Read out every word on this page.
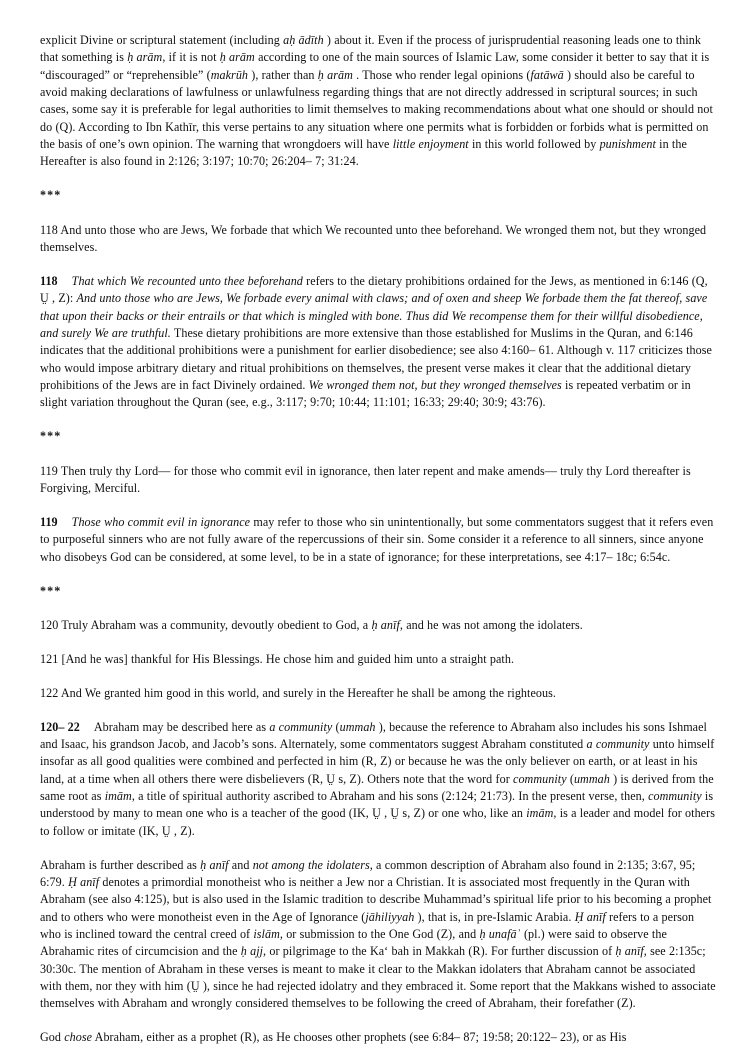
explicit Divine or scriptural statement (including aḥ ādīth ) about it. Even if the process of jurisprudential reasoning leads one to think that something is ḥ arām, if it is not ḥ arām according to one of the main sources of Islamic Law, some consider it better to say that it is “discouraged” or “reprehensible” (makrūh ), rather than ḥ arām . Those who render legal opinions (fatāwā ) should also be careful to avoid making declarations of lawfulness or unlawfulness regarding things that are not directly addressed in scriptural sources; in such cases, some say it is preferable for legal authorities to limit themselves to making recommendations about what one should or should not do (Q). According to Ibn Kathīr, this verse pertains to any situation where one permits what is forbidden or forbids what is permitted on the basis of one’s own opinion. The warning that wrongdoers will have little enjoyment in this world followed by punishment in the Hereafter is also found in 2:126; 3:197; 10:70; 26:204– 7; 31:24.
***
118 And unto those who are Jews, We forbade that which We recounted unto thee beforehand. We wronged them not, but they wronged themselves.
118 That which We recounted unto thee beforehand refers to the dietary prohibitions ordained for the Jews, as mentioned in 6:146 (Q, Ṳ , Z): And unto those who are Jews, We forbade every animal with claws; and of oxen and sheep We forbade them the fat thereof, save that upon their backs or their entrails or that which is mingled with bone. Thus did We recompense them for their willful disobedience, and surely We are truthful. These dietary prohibitions are more extensive than those established for Muslims in the Quran, and 6:146 indicates that the additional prohibitions were a punishment for earlier disobedience; see also 4:160– 61. Although v. 117 criticizes those who would impose arbitrary dietary and ritual prohibitions on themselves, the present verse makes it clear that the additional dietary prohibitions of the Jews are in fact Divinely ordained. We wronged them not, but they wronged themselves is repeated verbatim or in slight variation throughout the Quran (see, e.g., 3:117; 9:70; 10:44; 11:101; 16:33; 29:40; 30:9; 43:76).
***
119 Then truly thy Lord— for those who commit evil in ignorance, then later repent and make amends— truly thy Lord thereafter is Forgiving, Merciful.
119 Those who commit evil in ignorance may refer to those who sin unintentionally, but some commentators suggest that it refers even to purposeful sinners who are not fully aware of the repercussions of their sin. Some consider it a reference to all sinners, since anyone who disobeys God can be considered, at some level, to be in a state of ignorance; for these interpretations, see 4:17– 18c; 6:54c.
***
120 Truly Abraham was a community, devoutly obedient to God, a ḥ anīf, and he was not among the idolaters.
121 [And he was] thankful for His Blessings. He chose him and guided him unto a straight path.
122 And We granted him good in this world, and surely in the Hereafter he shall be among the righteous.
120– 22 Abraham may be described here as a community (ummah ), because the reference to Abraham also includes his sons Ishmael and Isaac, his grandson Jacob, and Jacob’s sons. Alternately, some commentators suggest Abraham constituted a community unto himself insofar as all good qualities were combined and perfected in him (R, Z) or because he was the only believer on earth, or at least in his land, at a time when all others there were disbelievers (R, Ṳ s, Z). Others note that the word for community (ummah ) is derived from the same root as imām, a title of spiritual authority ascribed to Abraham and his sons (2:124; 21:73). In the present verse, then, community is understood by many to mean one who is a teacher of the good (IK, Ṳ , Ṳ s, Z) or one who, like an imām, is a leader and model for others to follow or imitate (IK, Ṳ , Z).
Abraham is further described as ḥ anīf and not among the idolaters, a common description of Abraham also found in 2:135; 3:67, 95; 6:79. Ḥ anīf denotes a primordial monotheist who is neither a Jew nor a Christian. It is associated most frequently in the Quran with Abraham (see also 4:125), but is also used in the Islamic tradition to describe Muhammad’s spiritual life prior to his becoming a prophet and to others who were monotheist even in the Age of Ignorance (jāhiliyyah ), that is, in pre-Islamic Arabia. Ḥ anīf refers to a person who is inclined toward the central creed of islām, or submission to the One God (Z), and ḥ unafāʾ (pl.) were said to observe the Abrahamic rites of circumcision and the ḥ ajj, or pilgrimage to the Kaʻ bah in Makkah (R). For further discussion of ḥ anīf, see 2:135c; 30:30c. The mention of Abraham in these verses is meant to make it clear to the Makkan idolaters that Abraham cannot be associated with them, nor they with him (Ṳ ), since he had rejected idolatry and they embraced it. Some report that the Makkans wished to associate themselves with Abraham and wrongly considered themselves to be following the creed of Abraham, their forefather (Z).
God chose Abraham, either as a prophet (R), as He chooses other prophets (see 6:84– 87; 19:58; 20:122– 23), or as His
